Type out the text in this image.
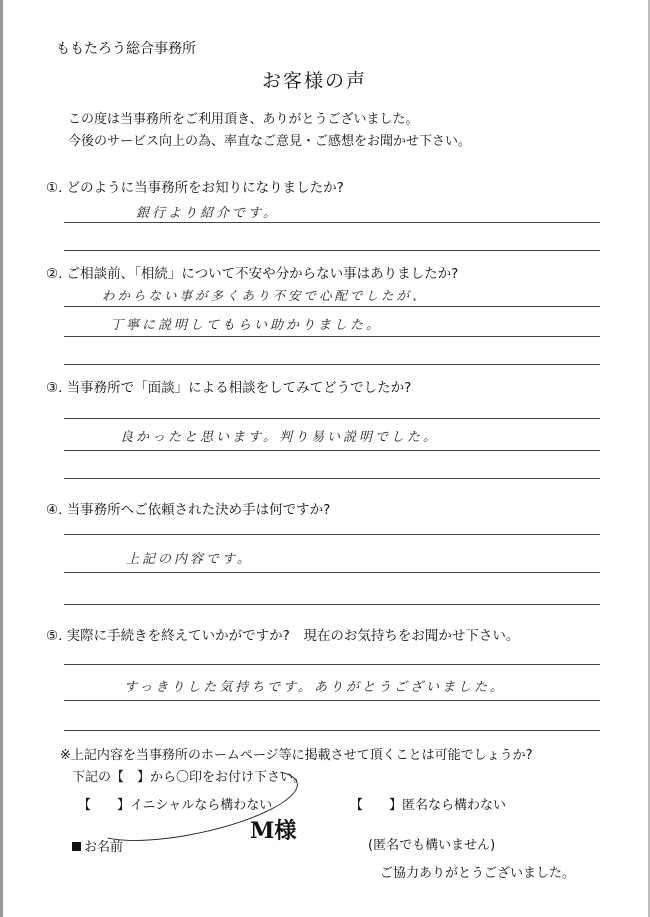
ももたろう総合事務所
お客様の声
この度は当事務所をご利用頂き、ありがとうございました。
今後のサービス向上の為、率直なご意見・ご感想をお聞かせ下さい。
①. どのように当事務所をお知りになりましたか?
銀行より紹介です。
②. ご相談前、「相続」について不安や分からない事はありましたか?
わからない事が多くあり不安で心配でしたが、
丁寧に説明してもらい助かりました。
③. 当事務所で「面談」による相談をしてみてどうでしたか?
良かったと思います。判り易い説明でした。
④. 当事務所へご依頼された決め手は何ですか?
上記の内容です。
⑤. 実際に手続きを終えていかがですか?　現在のお気持ちをお聞かせ下さい。
すっきりした気持ちです。ありがとうございました。
※上記内容を当事務所のホームページ等に掲載させて頂くことは可能でしょうか?
下記の【　】から〇印をお付け下さい。
【　　】イニシャルなら構わない	【　　】匿名なら構わない
お名前
M様
(匿名でも構いません)
ご協力ありがとうございました。
